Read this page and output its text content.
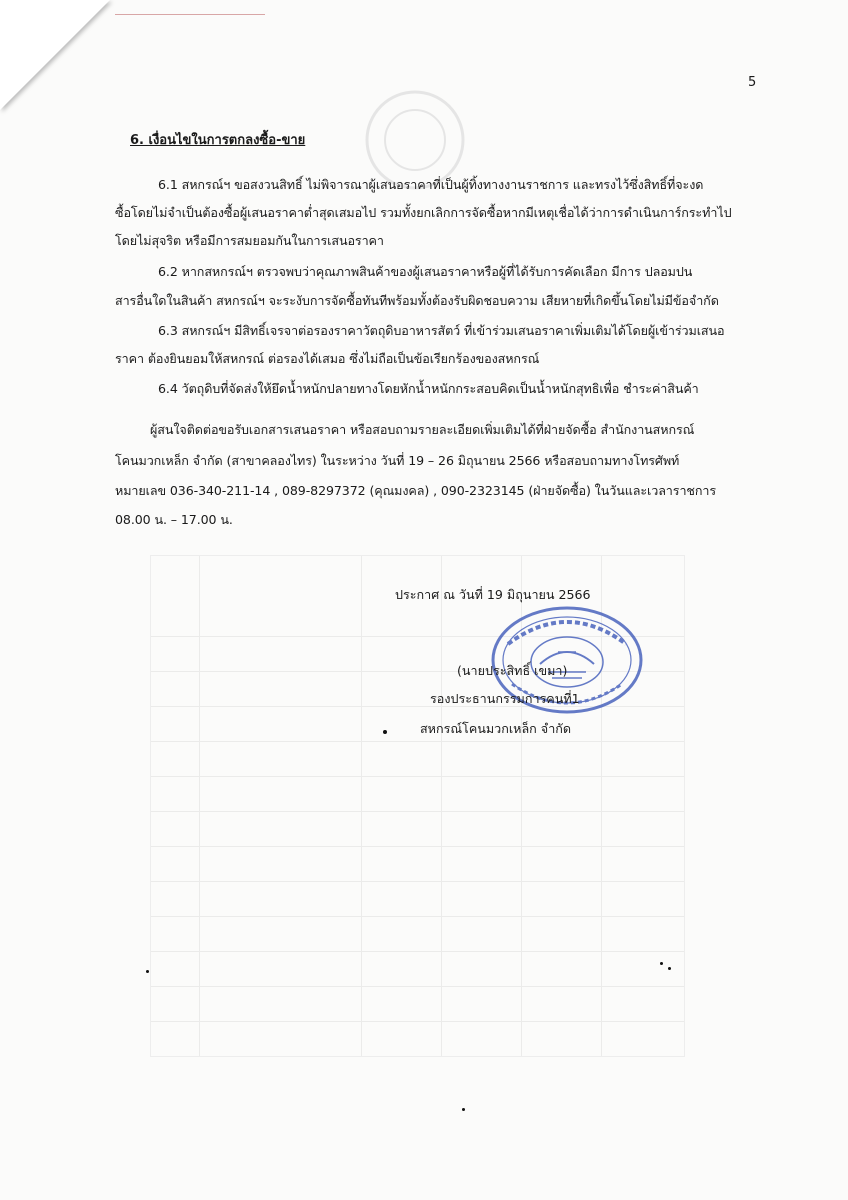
5
6. เงื่อนไขในการตกลงซื้อ-ขาย
6.1 สหกรณ์ฯ ขอสงวนสิทธิ์ ไม่พิจารณาผู้เสนอราคาที่เป็นผู้ทิ้งทางงานราชการ และทรงไว้ซึ่งสิทธิ์ที่จะงด
ซื้อโดยไม่จำเป็นต้องซื้อผู้เสนอราคาต่ำสุดเสมอไป รวมทั้งยกเลิกการจัดซื้อหากมีเหตุเชื่อได้ว่าการดำเนินการ์กระทำไป
โดยไม่สุจริต หรือมีการสมยอมกันในการเสนอราคา
6.2 หากสหกรณ์ฯ ตรวจพบว่าคุณภาพสินค้าของผู้เสนอราคาหรือผู้ที่ได้รับการคัดเลือก มีการ ปลอมปน
สารอื่นใดในสินค้า สหกรณ์ฯ จะระงับการจัดซื้อทันทีพร้อมทั้งต้องรับผิดชอบความ เสียหายที่เกิดขึ้นโดยไม่มีข้อจำกัด
6.3 สหกรณ์ฯ มีสิทธิ์เจรจาต่อรองราคาวัตถุดิบอาหารสัตว์ ที่เข้าร่วมเสนอราคาเพิ่มเติมได้โดยผู้เข้าร่วมเสนอ
ราคา ต้องยินยอมให้สหกรณ์ ต่อรองได้เสมอ ซึ่งไม่ถือเป็นข้อเรียกร้องของสหกรณ์
6.4 วัตถุดิบที่จัดส่งให้ยึดน้ำหนักปลายทางโดยหักน้ำหนักกระสอบคิดเป็นน้ำหนักสุทธิเพื่อ ชำระค่าสินค้า
ผู้สนใจติดต่อขอรับเอกสารเสนอราคา หรือสอบถามรายละเอียดเพิ่มเติมได้ที่ฝ่ายจัดซื้อ สำนักงานสหกรณ์
โคนมวกเหล็ก จำกัด (สาขาคลองไทร) ในระหว่าง วันที่ 19 – 26 มิถุนายน 2566 หรือสอบถามทางโทรศัพท์
หมายเลข 036-340-211-14 , 089-8297372 (คุณมงคล) , 090-2323145 (ฝ่ายจัดซื้อ) ในวันและเวลาราชการ
08.00 น. – 17.00 น.
ประกาศ ณ วันที่ 19 มิถุนายน 2566
(นายประสิทธิ์ เขมา)
รองประธานกรรมการคนที่1
สหกรณ์โคนมวกเหล็ก จำกัด
